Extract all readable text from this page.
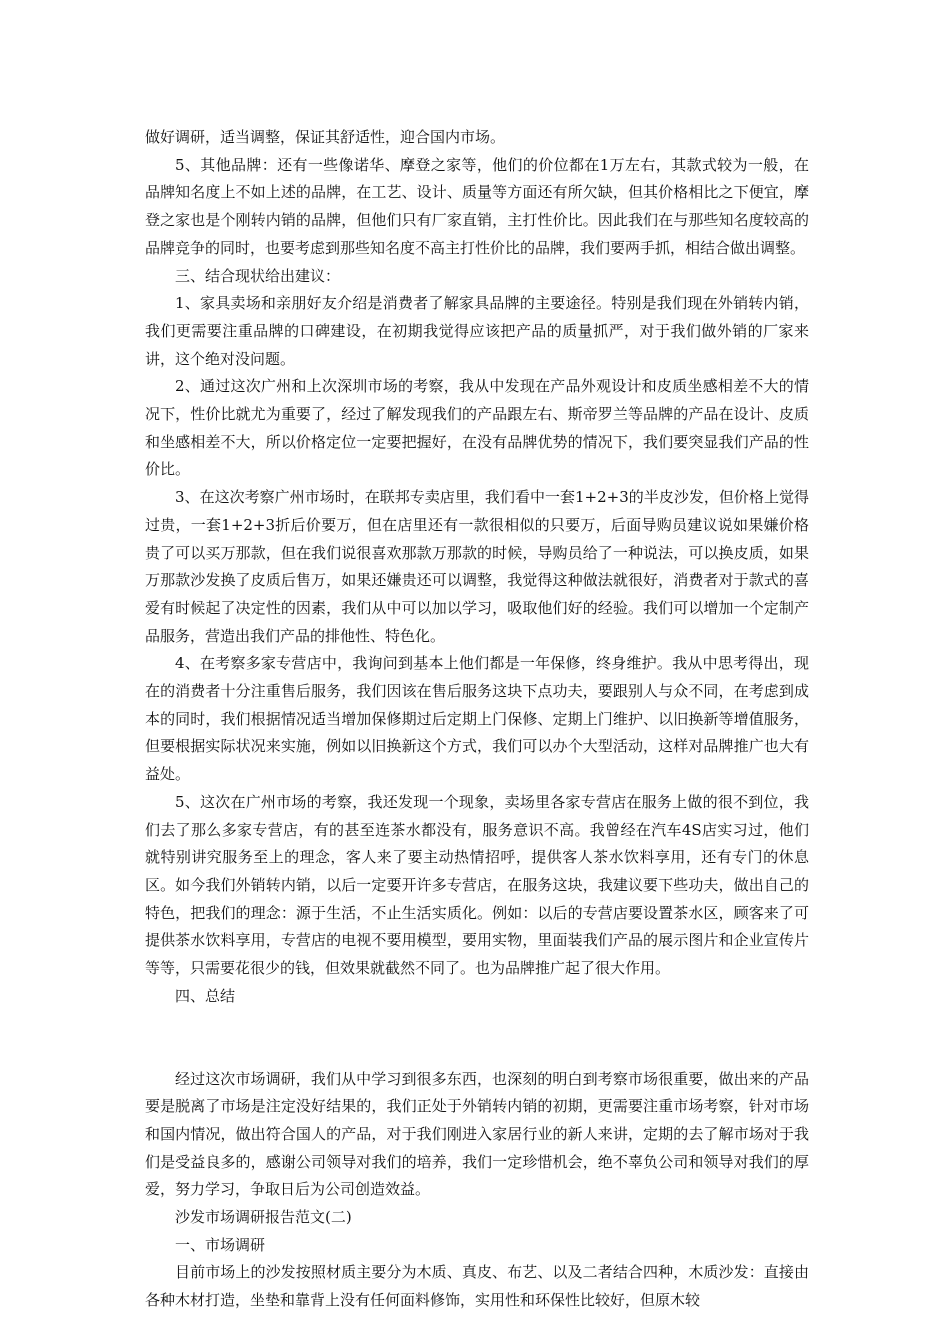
做好调研，适当调整，保证其舒适性，迎合国内市场。

5、其他品牌：还有一些像诺华、摩登之家等，他们的价位都在1万左右，其款式较为一般，在品牌知名度上不如上述的品牌，在工艺、设计、质量等方面还有所欠缺，但其价格相比之下便宜，摩登之家也是个刚转内销的品牌，但他们只有厂家直销，主打性价比。因此我们在与那些知名度较高的品牌竞争的同时，也要考虑到那些知名度不高主打性价比的品牌，我们要两手抓，相结合做出调整。

三、结合现状给出建议：

1、家具卖场和亲朋好友介绍是消费者了解家具品牌的主要途径。特别是我们现在外销转内销，我们更需要注重品牌的口碑建设，在初期我觉得应该把产品的质量抓严，对于我们做外销的厂家来讲，这个绝对没问题。

2、通过这次广州和上次深圳市场的考察，我从中发现在产品外观设计和皮质坐感相差不大的情况下，性价比就尤为重要了，经过了解发现我们的产品跟左右、斯帝罗兰等品牌的产品在设计、皮质和坐感相差不大，所以价格定位一定要把握好，在没有品牌优势的情况下，我们要突显我们产品的性价比。

3、在这次考察广州市场时，在联邦专卖店里，我们看中一套1+2+3的半皮沙发，但价格上觉得过贵，一套1+2+3折后价要万，但在店里还有一款很相似的只要万，后面导购员建议说如果嫌价格贵了可以买万那款，但在我们说很喜欢那款万那款的时候，导购员给了一种说法，可以换皮质，如果万那款沙发换了皮质后售万，如果还嫌贵还可以调整，我觉得这种做法就很好，消费者对于款式的喜爱有时候起了决定性的因素，我们从中可以加以学习，吸取他们好的经验。我们可以增加一个定制产品服务，营造出我们产品的排他性、特色化。

4、在考察多家专营店中，我询问到基本上他们都是一年保修，终身维护。我从中思考得出，现在的消费者十分注重售后服务，我们因该在售后服务这块下点功夫，要跟别人与众不同，在考虑到成本的同时，我们根据情况适当增加保修期过后定期上门保修、定期上门维护、以旧换新等增值服务，但要根据实际状况来实施，例如以旧换新这个方式，我们可以办个大型活动，这样对品牌推广也大有益处。

5、这次在广州市场的考察，我还发现一个现象，卖场里各家专营店在服务上做的很不到位，我们去了那么多家专营店，有的甚至连茶水都没有，服务意识不高。我曾经在汽车4S店实习过，他们就特别讲究服务至上的理念，客人来了要主动热情招呼，提供客人茶水饮料享用，还有专门的休息区。如今我们外销转内销，以后一定要开许多专营店，在服务这块，我建议要下些功夫，做出自己的特色，把我们的理念：源于生活，不止生活实质化。例如：以后的专营店要设置茶水区，顾客来了可提供茶水饮料享用，专营店的电视不要用模型，要用实物，里面装我们产品的展示图片和企业宣传片等等，只需要花很少的钱，但效果就截然不同了。也为品牌推广起了很大作用。

四、总结

经过这次市场调研，我们从中学习到很多东西，也深刻的明白到考察市场很重要，做出来的产品要是脱离了市场是注定没好结果的，我们正处于外销转内销的初期，更需要注重市场考察，针对市场和国内情况，做出符合国人的产品，对于我们刚进入家居行业的新人来讲，定期的去了解市场对于我们是受益良多的，感谢公司领导对我们的培养，我们一定珍惜机会，绝不辜负公司和领导对我们的厚爱，努力学习，争取日后为公司创造效益。

沙发市场调研报告范文(二)

一、市场调研

目前市场上的沙发按照材质主要分为木质、真皮、布艺、以及二者结合四种，木质沙发：直接由各种木材打造，坐垫和靠背上没有任何面料修饰，实用性和环保性比较好，但原木较
